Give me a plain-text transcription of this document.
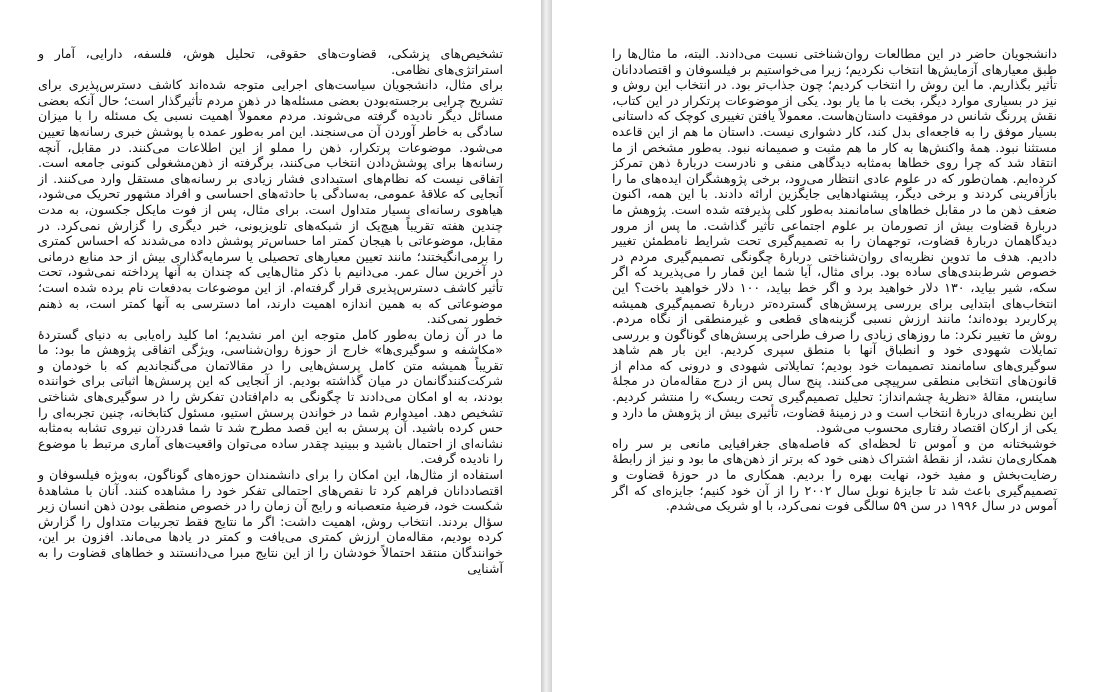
تشخیص‌های پزشکی، قضاوت‌های حقوقی، تحلیل هوش، فلسفه، دارایی، آمار و استراتژی‌های نظامی.

برای مثال، دانشجویان سیاست‌های اجرایی متوجه شده‌اند کاشف دسترس‌پذیری برای تشریح چرایی برجسته‌بودن بعضی مسئله‌ها در ذهن مردم تأثیرگذار است؛ حال آنکه بعضی مسائل دیگر نادیده گرفته می‌شوند. مردم معمولاً اهمیت نسبی یک مسئله را با میزان سادگی به خاطر آوردن آن می‌سنجند. این امر به‌طور عمده با پوشش خبری رسانه‌ها تعیین می‌شود. موضوعات پرتکرار، ذهن را مملو از این اطلاعات می‌کنند. در مقابل، آنچه رسانه‌ها برای پوشش‌دادن انتخاب می‌کنند، برگرفته از ذهن‌مشغولی کنونی جامعه است. اتفاقی نیست که نظام‌های استبدادی فشار زیادی بر رسانه‌های مستقل وارد می‌کنند. از آنجایی که علاقهٔ عمومی، به‌سادگی با حادثه‌های احساسی و افراد مشهور تحریک می‌شود، هیاهوی رسانه‌ای بسیار متداول است. برای مثال، پس از فوت مایکل جکسون، به مدت چندین هفته تقریباً هیچ‌یک از شبکه‌های تلویزیونی، خبر دیگری را گزارش نمی‌کرد. در مقابل، موضوعاتی با هیجان کمتر اما حساس‌تر پوشش داده می‌شدند که احساس کمتری را برمی‌انگیختند؛ مانند تعیین معیارهای تحصیلی یا سرمایه‌گذاری بیش از حد منابع درمانی در آخرین سال عمر. می‌دانیم با ذکر مثال‌هایی که چندان به آنها پرداخته نمی‌شود، تحت تأثیر کاشف دسترس‌پذیری قرار گرفته‌ام. از این موضوعات به‌دفعات نام برده شده است؛ موضوعاتی که به همین اندازه اهمیت دارند، اما دسترسی به آنها کمتر است، به ذهنم خطور نمی‌کند.

ما در آن زمان به‌طور کامل متوجه این امر نشدیم؛ اما کلید راه‌یابی به دنیای گستردهٔ «مکاشفه و سوگیری‌ها» خارج از حوزهٔ روان‌شناسی، ویژگی اتفاقی پژوهش ما بود: ما تقریباً همیشه متن کامل پرسش‌هایی را در مقالاتمان می‌گنجاندیم که با خودمان و شرکت‌کنندگانمان در میان گذاشته بودیم. از آنجایی که این پرسش‌ها اثباتی برای خواننده بودند، به او امکان می‌دادند تا چگونگی به دام‌افتادن تفکرش را در سوگیری‌های شناختی تشخیص دهد. امیدوارم شما در خواندن پرسش استیو، مسئول کتابخانه، چنین تجربه‌ای را حس کرده باشید. آن پرسش به این قصد مطرح شد تا شما قدردان نیروی تشابه به‌مثابه نشانه‌ای از احتمال باشید و ببینید چقدر ساده می‌توان واقعیت‌های آماری مرتبط با موضوع را نادیده گرفت.

استفاده از مثال‌ها، این امکان را برای دانشمندان حوزه‌های گوناگون، به‌ویژه فیلسوفان و اقتصاددانان فراهم کرد تا نقص‌های احتمالی تفکر خود را مشاهده کنند. آنان با مشاهدهٔ شکست خود، فرضیهٔ متعصبانه و رایج آن زمان را در خصوص منطقی بودن ذهن انسان زیر سؤال بردند. انتخاب روش، اهمیت داشت: اگر ما نتایج فقط تجربیات متداول را گزارش کرده بودیم، مقاله‌مان ارزش کمتری می‌یافت و کمتر در یادها می‌ماند. افزون بر این، خوانندگان منتقد احتمالاً خودشان را از این نتایج مبرا می‌دانستند و خطاهای قضاوت را به آشنایی

دانشجویان حاضر در این مطالعات روان‌شناختی نسبت می‌دادند. البته، ما مثال‌ها را طبق معیارهای آزمایش‌ها انتخاب نکردیم؛ زیرا می‌خواستیم بر فیلسوفان و اقتصاددانان تأثیر بگذاریم. ما این روش را انتخاب کردیم؛ چون جذاب‌تر بود. در انتخاب این روش و نیز در بسیاری موارد دیگر، بخت با ما یار بود. یکی از موضوعات پرتکرار در این کتاب، نقش پررنگ شانس در موفقیت داستان‌هاست. معمولاً یافتن تغییری کوچک که داستانی بسیار موفق را به فاجعه‌ای بدل کند، کار دشواری نیست. داستان ما هم از این قاعده مستثنا نبود. همهٔ واکنش‌ها به کار ما هم مثبت و صمیمانه نبود. به‌طور مشخص از ما انتقاد شد که چرا روی خطاها به‌مثابه دیدگاهی منفی و نادرست دربارهٔ ذهن تمرکز کرده‌ایم. همان‌طور که در علوم عادی انتظار می‌رود، برخی پژوهشگران ایده‌های ما را بازآفرینی کردند و برخی دیگر، پیشنهادهایی جایگزین ارائه دادند. با این همه، اکنون ضعف ذهن ما در مقابل خطاهای سامانمند به‌طور کلی پذیرفته شده است. پژوهش ما دربارهٔ قضاوت بیش از تصورمان بر علوم اجتماعی تأثیر گذاشت. ما پس از مرور دیدگاهمان دربارهٔ قضاوت، توجهمان را به تصمیم‌گیری تحت شرایط نامطمئن تغییر دادیم. هدف ما تدوین نظریه‌ای روان‌شناختی دربارهٔ چگونگی تصمیم‌گیری مردم در خصوص شرط‌بندی‌های ساده بود. برای مثال، آیا شما این قمار را می‌پذیرید که اگر سکه، شیر بیاید، ۱۳۰ دلار خواهید برد و اگر خط بیاید، ۱۰۰ دلار خواهید باخت؟ این انتخاب‌های ابتدایی برای بررسی پرسش‌های گسترده‌تر دربارهٔ تصمیم‌گیری همیشه پرکاربرد بوده‌اند؛ مانند ارزش نسبی گزینه‌های قطعی و غیرمنطقی از نگاه مردم. روش ما تغییر نکرد: ما روزهای زیادی را صرف طراحی پرسش‌های گوناگون و بررسی تمایلات شهودی خود و انطباق آنها با منطق سپری کردیم. این بار هم شاهد سوگیری‌های سامانمند تصمیمات خود بودیم؛ تمایلاتی شهودی و درونی که مدام از قانون‌های انتخابی منطقی سرپیچی می‌کنند. پنج سال پس از درج مقاله‌مان در مجلهٔ ساینس، مقالهٔ «نظریهٔ چشم‌انداز: تحلیل تصمیم‌گیری تحت ریسک» را منتشر کردیم. این نظریه‌ای دربارهٔ انتخاب است و در زمینهٔ قضاوت، تأثیری بیش از پژوهش ما دارد و یکی از ارکان اقتصاد رفتاری محسوب می‌شود.

خوشبختانه من و آموس تا لحظه‌ای که فاصله‌های جغرافیایی مانعی بر سر راه همکاری‌مان نشد، از نقطهٔ اشتراک ذهنی خود که برتر از ذهن‌های ما بود و نیز از رابطهٔ رضایت‌بخش و مفید خود، نهایت بهره را بردیم. همکاری ما در حوزهٔ قضاوت و تصمیم‌گیری باعث شد تا جایزهٔ نوبل سال ۲۰۰۲ را از آن خود کنیم؛ جایزه‌ای که اگر آموس در سال ۱۹۹۶ در سن ۵۹ سالگی فوت نمی‌کرد، با او شریک می‌شدم.
